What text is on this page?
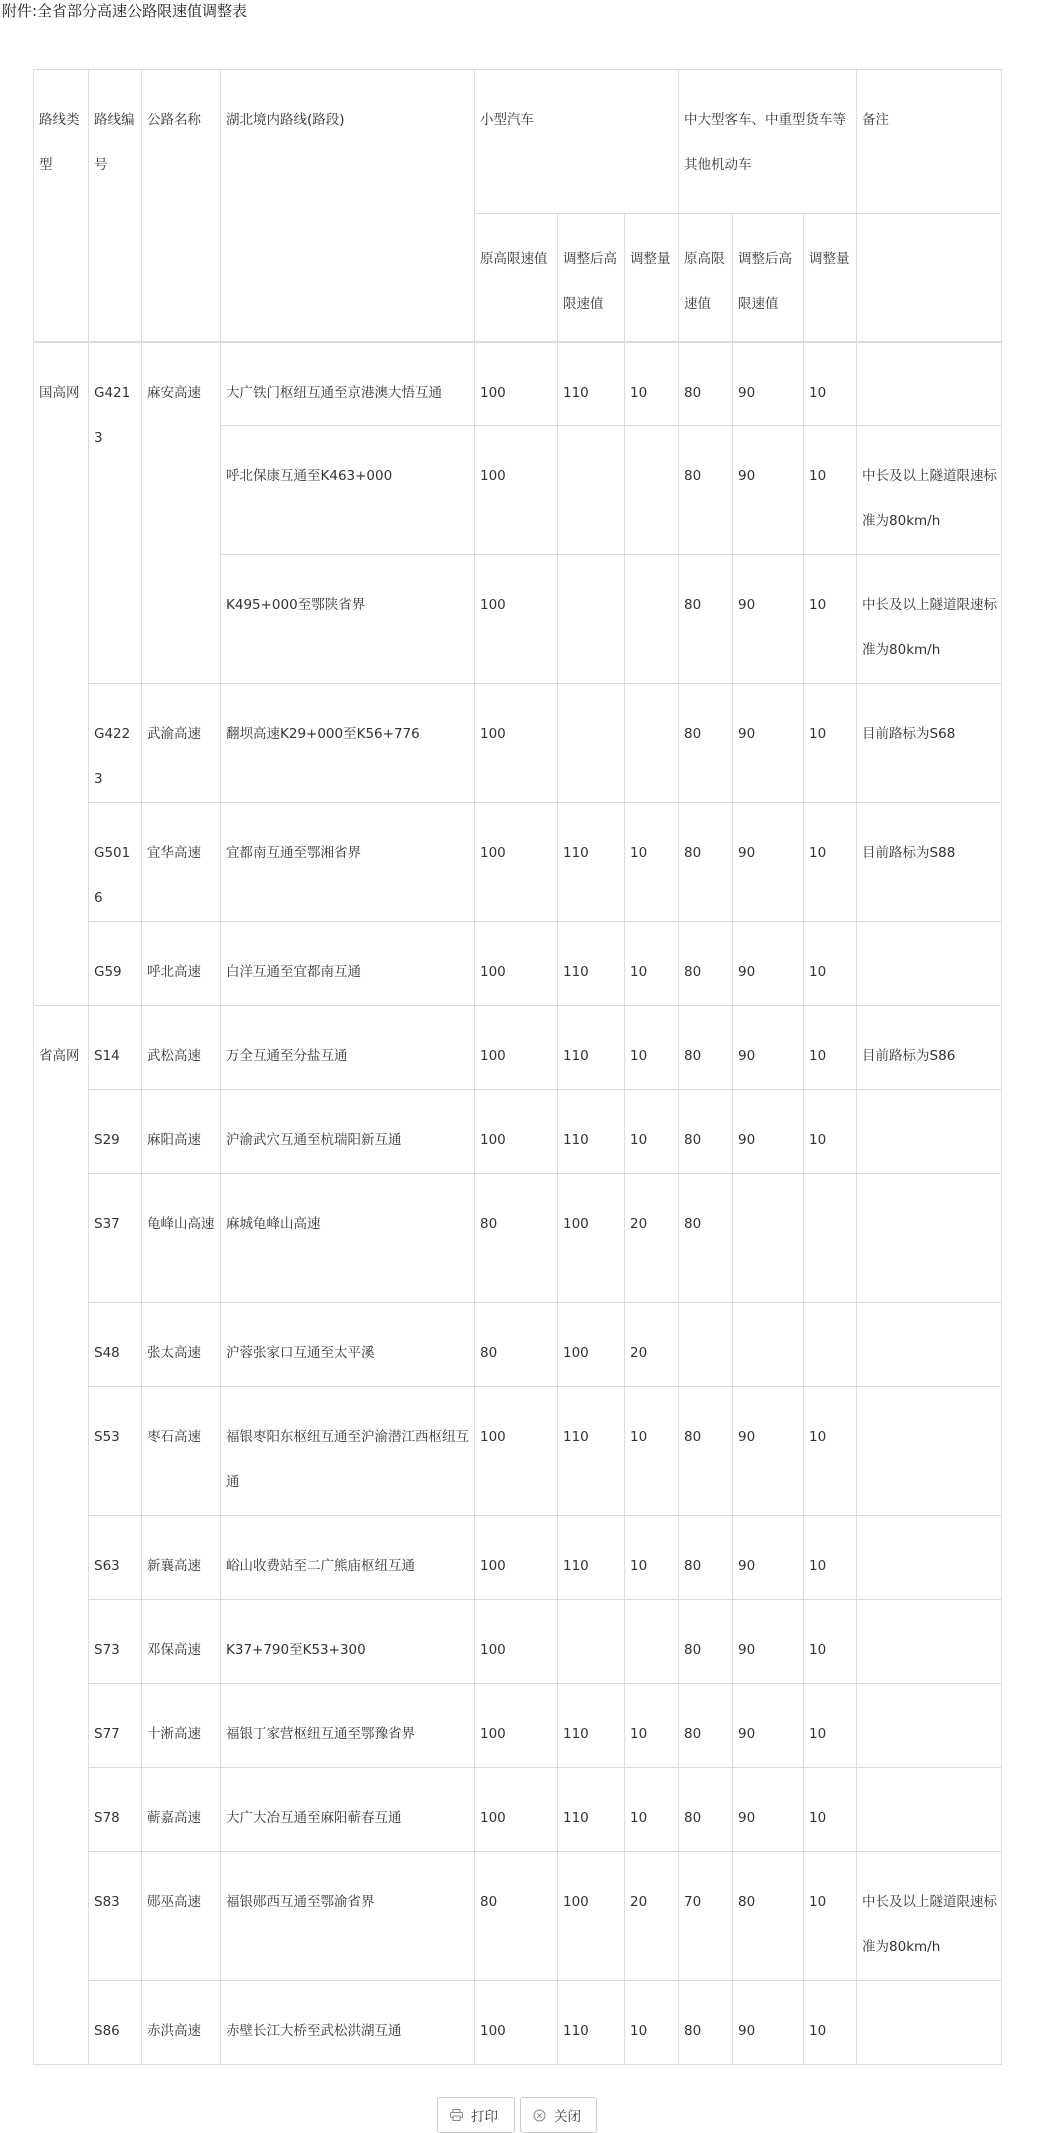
附件:全省部分高速公路限速值调整表
路线类型	路线编号	公路名称	湖北境内路线(路段)	小型汽车			中大型客车、中重型货车等其他机动车			备注
				原高限速值	调整后高限速值	调整量	原高限速值	调整后高限速值	调整量	
国高网	G4213	麻安高速	大广铁门枢纽互通至京港澳大悟互通	100	110	10	80	90	10	
			呼北保康互通至K463+000	100			80	90	10	中长及以上隧道限速标准为80km/h
			K495+000至鄂陕省界	100			80	90	10	中长及以上隧道限速标准为80km/h
	G4223	武渝高速	翻坝高速K29+000至K56+776	100			80	90	10	目前路标为S68
	G5016	宜华高速	宜都南互通至鄂湘省界	100	110	10	80	90	10	目前路标为S88
	G59	呼北高速	白洋互通至宜都南互通	100	110	10	80	90	10	
省高网	S14	武松高速	万全互通至分盐互通	100	110	10	80	90	10	目前路标为S86
	S29	麻阳高速	沪渝武穴互通至杭瑞阳新互通	100	110	10	80	90	10	
	S37	龟峰山高速	麻城龟峰山高速	80	100	20	80			
	S48	张太高速	沪蓉张家口互通至太平溪	80	100	20				
	S53	枣石高速	福银枣阳东枢纽互通至沪渝潜江西枢纽互通	100	110	10	80	90	10	
	S63	新襄高速	峪山收费站至二广熊庙枢纽互通	100	110	10	80	90	10	
	S73	邓保高速	K37+790至K53+300	100			80	90	10	
	S77	十淅高速	福银丁家营枢纽互通至鄂豫省界	100	110	10	80	90	10	
	S78	蕲嘉高速	大广大冶互通至麻阳蕲春互通	100	110	10	80	90	10	
	S83	郧巫高速	福银郧西互通至鄂渝省界	80	100	20	70	80	10	中长及以上隧道限速标准为80km/h
	S86	赤洪高速	赤壁长江大桥至武松洪湖互通	100	110	10	80	90	10	
打印	关闭
